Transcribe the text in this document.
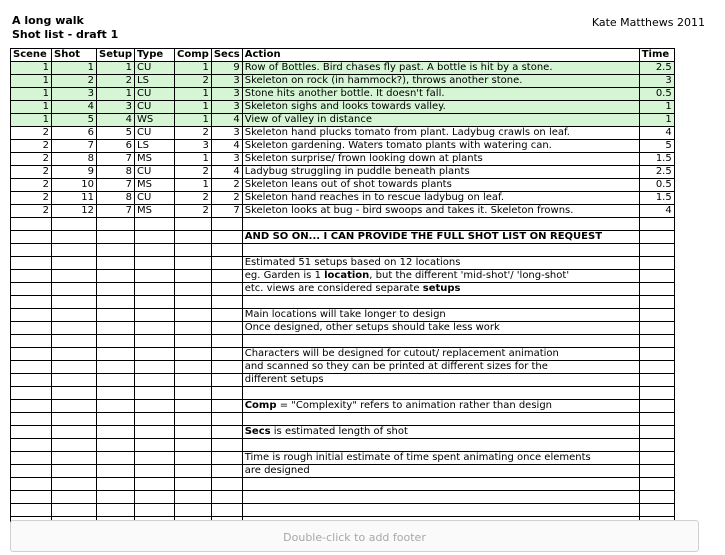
A long walk
Shot list - draft 1
Kate Matthews 2011
Scene	Shot	Setup	Type	Comp	Secs	Action	Time
1	1	1	CU	1	9	Row of Bottles. Bird chases fly past. A bottle is hit by a stone.	2.5
1	2	2	LS	2	3	Skeleton on rock (in hammock?), throws another stone.	3
1	3	1	CU	1	3	Stone hits another bottle. It doesn't fall.	0.5
1	4	3	CU	1	3	Skeleton sighs and looks towards valley.	1
1	5	4	WS	1	4	View of valley in distance	1
2	6	5	CU	2	3	Skeleton hand plucks tomato from plant. Ladybug crawls on leaf.	4
2	7	6	LS	3	4	Skeleton gardening. Waters tomato plants with watering can.	5
2	8	7	MS	1	3	Skeleton surprise/ frown looking down at plants	1.5
2	9	8	CU	2	4	Ladybug struggling in puddle beneath plants	2.5
2	10	7	MS	1	2	Skeleton leans out of shot towards plants	0.5
2	11	8	CU	2	2	Skeleton hand reaches in to rescue ladybug on leaf.	1.5
2	12	7	MS	2	7	Skeleton looks at bug - bird swoops and takes it. Skeleton frowns.	4

						AND SO ON... I CAN PROVIDE THE FULL SHOT LIST ON REQUEST	

						Estimated 51 setups based on 12 locations	
						eg. Garden is 1 location, but the different 'mid-shot'/ 'long-shot'	
						etc. views are considered separate setups	

						Main locations will take longer to design	
						Once designed, other setups should take less work	

						Characters will be designed for cutout/ replacement animation	
						and scanned so they can be printed at different sizes for the	
						different setups	

						Comp = "Complexity" refers to animation rather than design	

						Secs is estimated length of shot	

						Time is rough initial estimate of time spent animating once elements	
						are designed	

Double-click to add footer
